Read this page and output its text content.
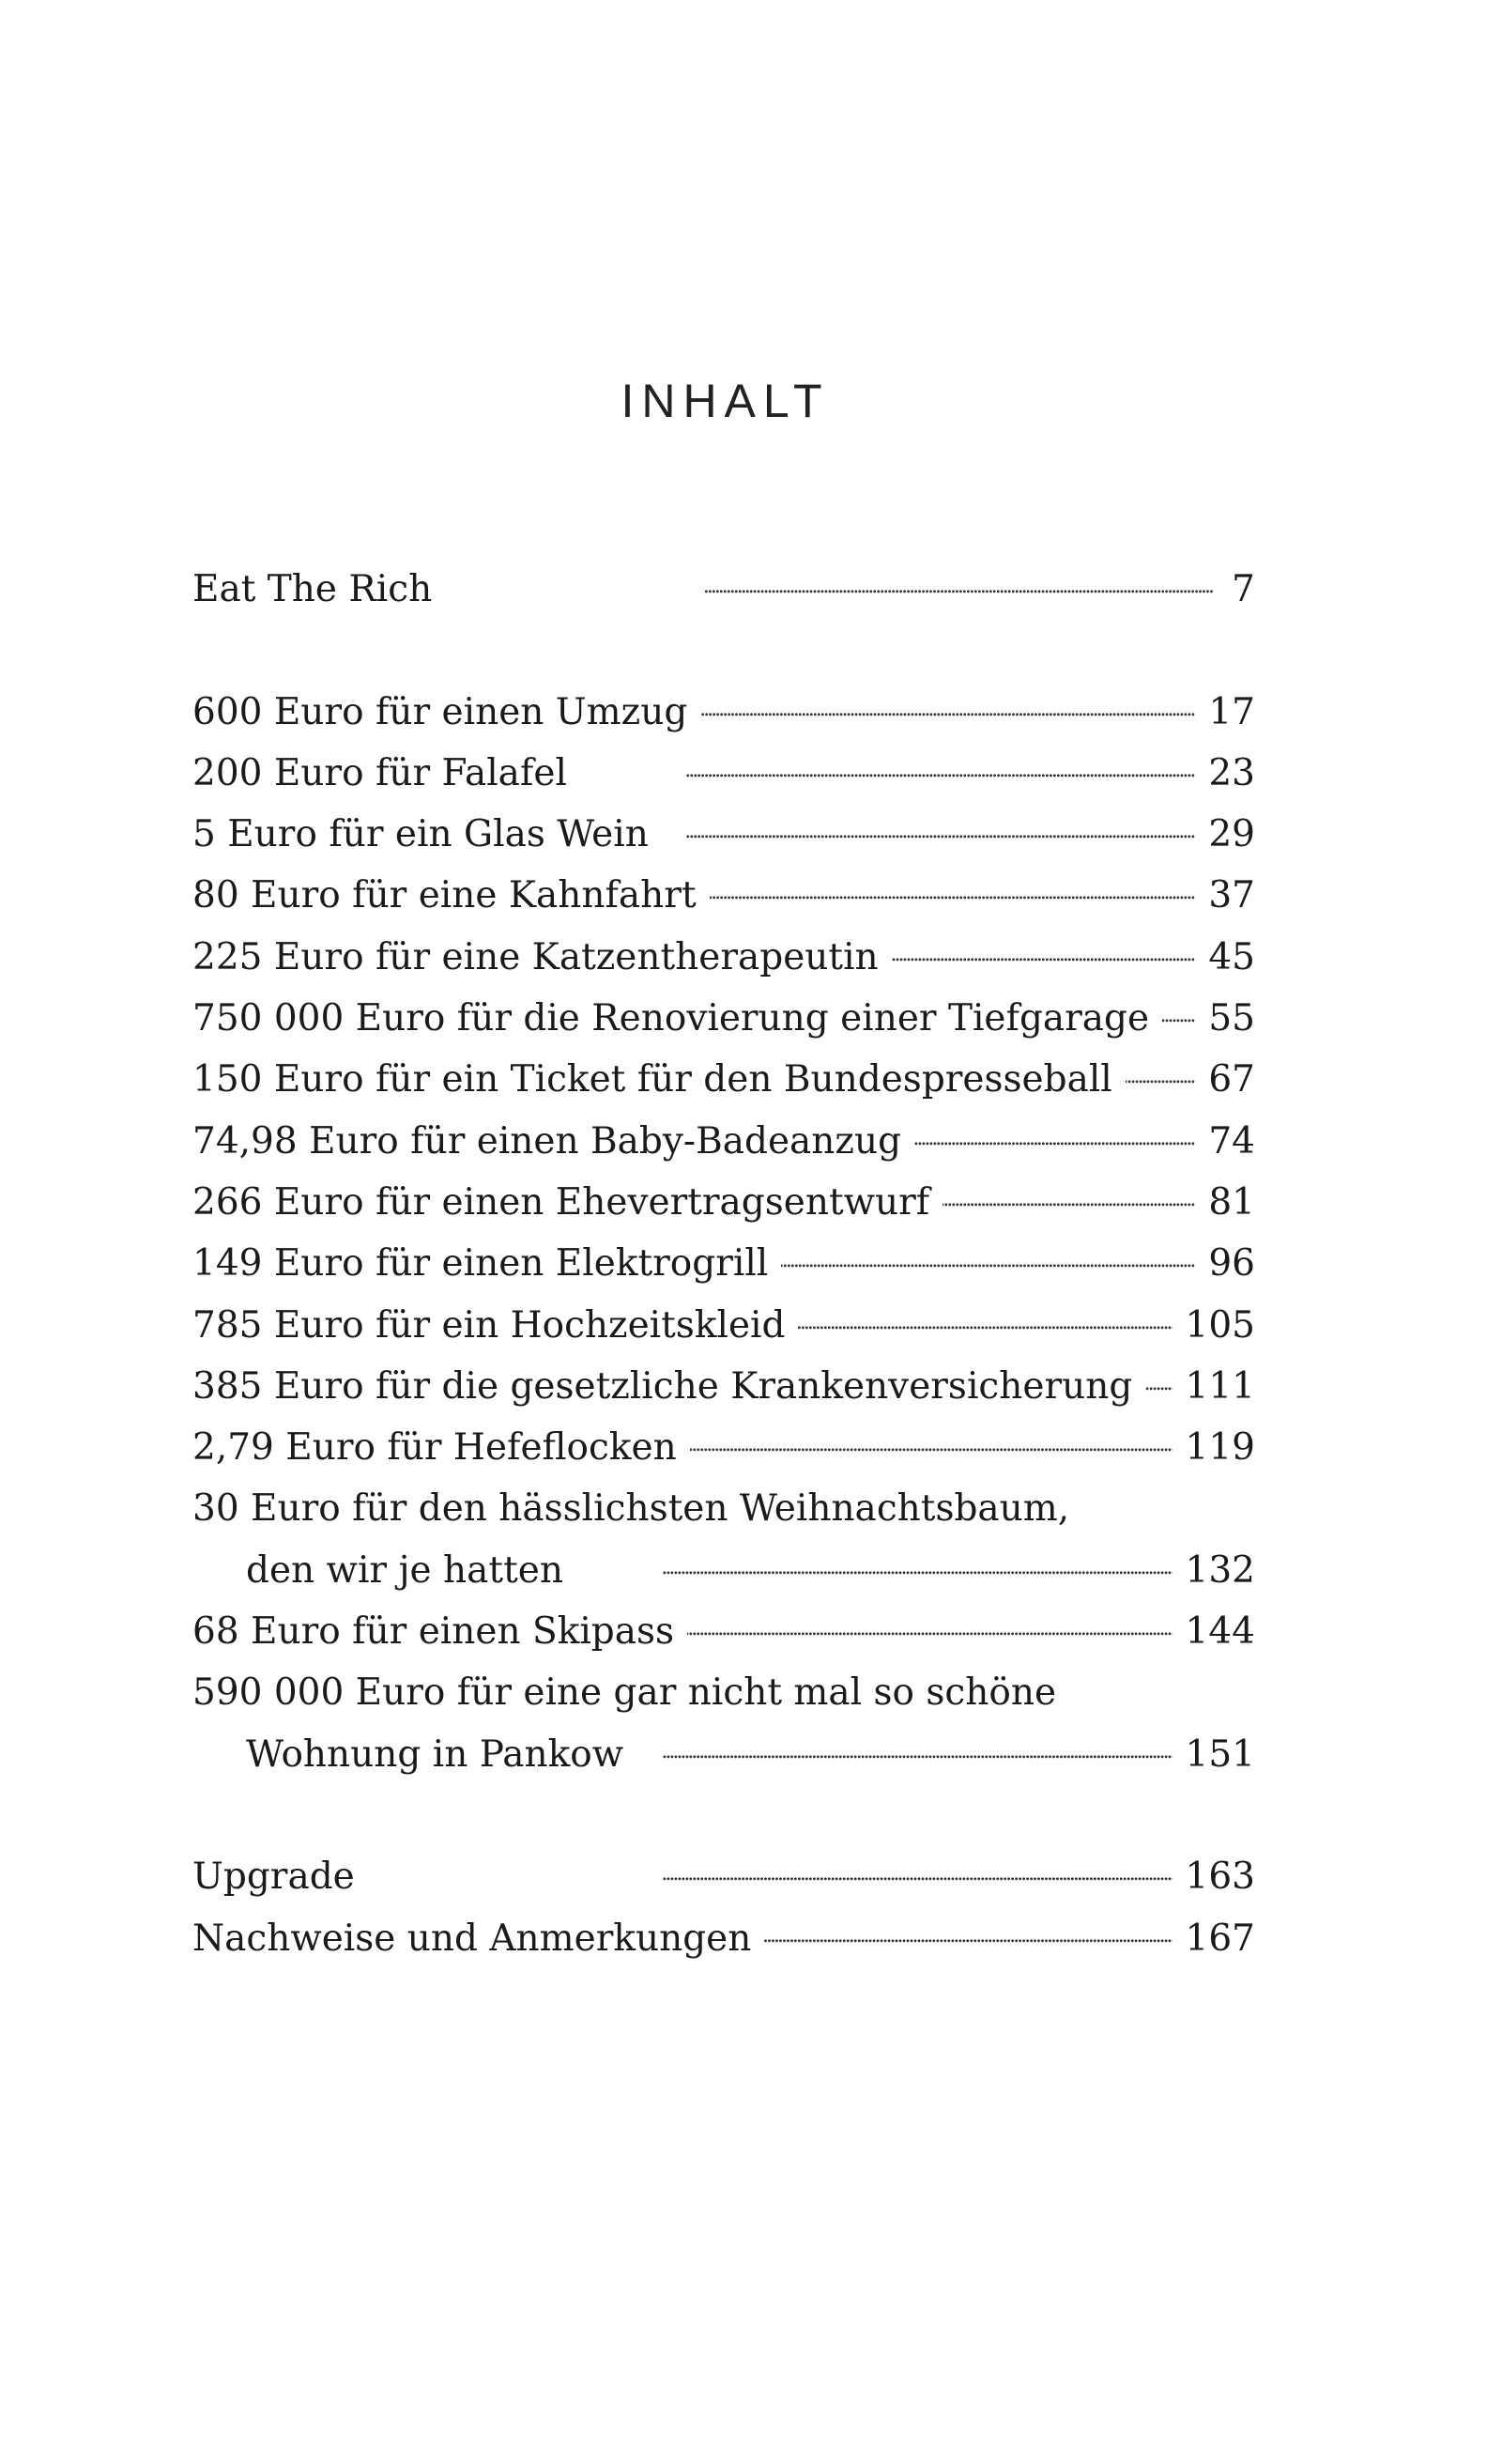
INHALT
Eat The Rich . . .	7
600 Euro für einen Umzug . . .	17
200 Euro für Falafel . . .	23
5 Euro für ein Glas Wein . . .	29
80 Euro für eine Kahnfahrt . . .	37
225 Euro für eine Katzentherapeutin . . .	45
750 000 Euro für die Renovierung einer Tiefgarage . . .	55
150 Euro für ein Ticket für den Bundespresseball . . .	67
74,98 Euro für einen Baby-Badeanzug . . .	74
266 Euro für einen Ehevertragsentwurf . . .	81
149 Euro für einen Elektrogrill . . .	96
785 Euro für ein Hochzeitskleid . . .	105
385 Euro für die gesetzliche Krankenversicherung . . .	111
2,79 Euro für Hefeflocken . . .	119
30 Euro für den hässlichsten Weihnachtsbaum,
den wir je hatten . . .	132
68 Euro für einen Skipass . . .	144
590 000 Euro für eine gar nicht mal so schöne
Wohnung in Pankow . . .	151
Upgrade . . .	163
Nachweise und Anmerkungen . . .	167
